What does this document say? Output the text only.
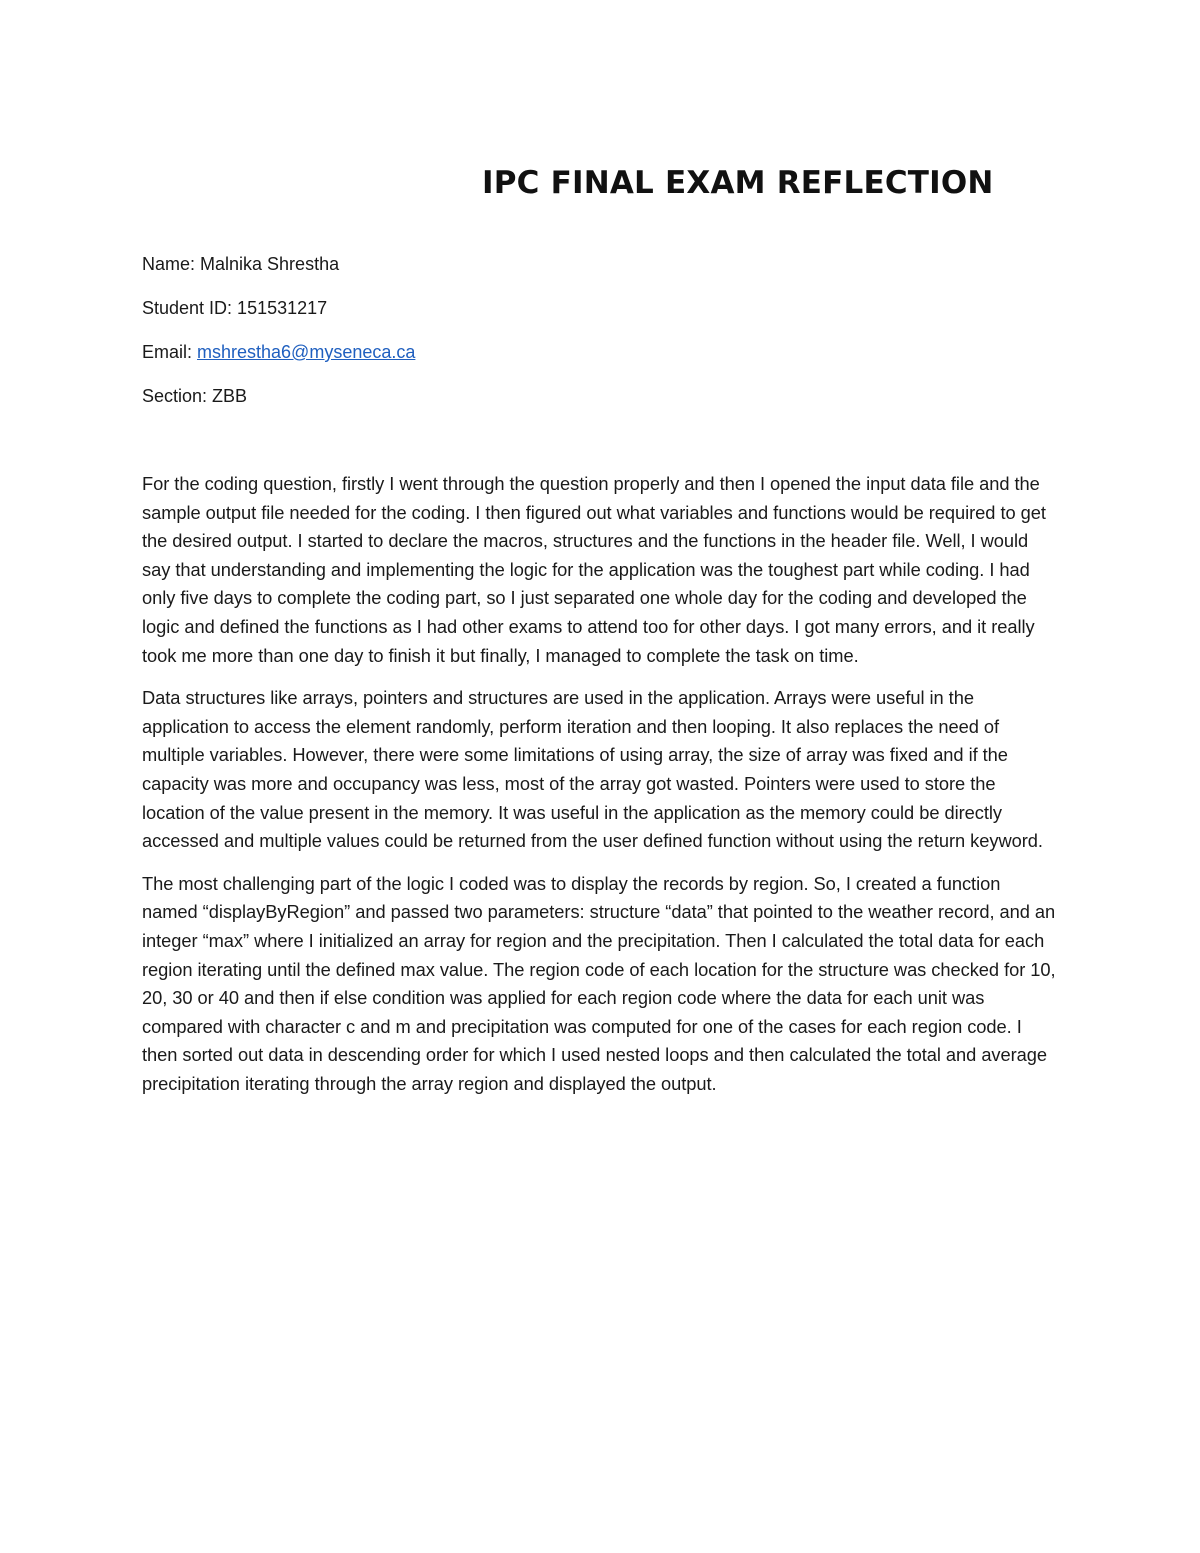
IPC FINAL EXAM REFLECTION

Name: Malnika Shrestha

Student ID: 151531217

Email: mshrestha6@myseneca.ca

Section: ZBB

For the coding question, firstly I went through the question properly and then I opened the input data file and the sample output file needed for the coding. I then figured out what variables and functions would be required to get the desired output. I started to declare the macros, structures and the functions in the header file. Well, I would say that understanding and implementing the logic for the application was the toughest part while coding. I had only five days to complete the coding part, so I just separated one whole day for the coding and developed the logic and defined the functions as I had other exams to attend too for other days. I got many errors, and it really took me more than one day to finish it but finally, I managed to complete the task on time.

Data structures like arrays, pointers and structures are used in the application. Arrays were useful in the application to access the element randomly, perform iteration and then looping. It also replaces the need of multiple variables. However, there were some limitations of using array, the size of array was fixed and if the capacity was more and occupancy was less, most of the array got wasted. Pointers were used to store the location of the value present in the memory. It was useful in the application as the memory could be directly accessed and multiple values could be returned from the user defined function without using the return keyword.

The most challenging part of the logic I coded was to display the records by region. So, I created a function named “displayByRegion” and passed two parameters: structure “data” that pointed to the weather record, and an integer “max” where I initialized an array for region and the precipitation. Then I calculated the total data for each region iterating until the defined max value. The region code of each location for the structure was checked for 10, 20, 30 or 40 and then if else condition was applied for each region code where the data for each unit was compared with character c and m and precipitation was computed for one of the cases for each region code. I then sorted out data in descending order for which I used nested loops and then calculated the total and average precipitation iterating through the array region and displayed the output.
